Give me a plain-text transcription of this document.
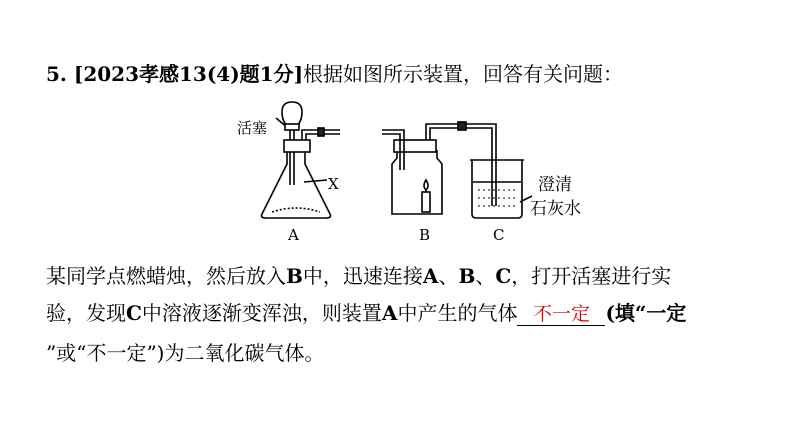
5. [2023孝感13(4)题1分]根据如图所示装置，回答有关问题：
活塞
X
A	B	C
澄清
石灰水
某同学点燃蜡烛，然后放入B中，迅速连接A、B、C，打开活塞进行实
验，发现C中溶液逐渐变浑浊，则装置A中产生的气体 不一定 (填“一定
”或“不一定”)为二氧化碳气体。
